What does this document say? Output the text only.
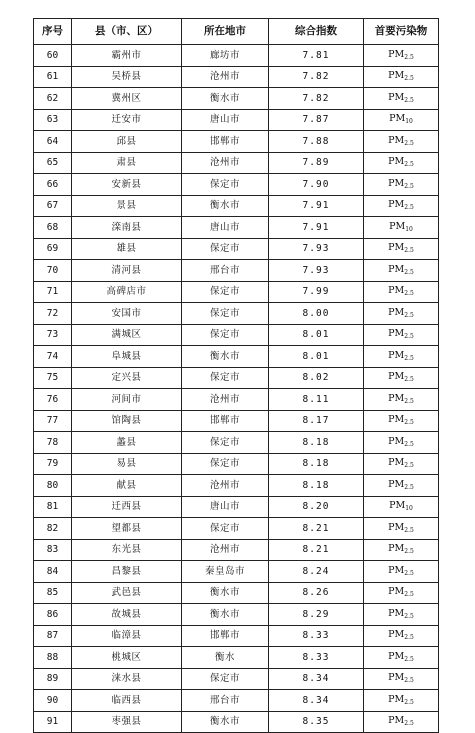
序号	县（市、区）	所在地市	综合指数	首要污染物
60	霸州市	廊坊市	7.81	$PM_{2.5}$
61	吴桥县	沧州市	7.82	$PM_{2.5}$
62	冀州区	衡水市	7.82	$PM_{2.5}$
63	迁安市	唐山市	7.87	$PM_{10}$
64	邱县	邯郸市	7.88	$PM_{2.5}$
65	肃县	沧州市	7.89	$PM_{2.5}$
66	安新县	保定市	7.90	$PM_{2.5}$
67	景县	衡水市	7.91	$PM_{2.5}$
68	滦南县	唐山市	7.91	$PM_{10}$
69	雄县	保定市	7.93	$PM_{2.5}$
70	清河县	邢台市	7.93	$PM_{2.5}$
71	高碑店市	保定市	7.99	$PM_{2.5}$
72	安国市	保定市	8.00	$PM_{2.5}$
73	满城区	保定市	8.01	$PM_{2.5}$
74	阜城县	衡水市	8.01	$PM_{2.5}$
75	定兴县	保定市	8.02	$PM_{2.5}$
76	河间市	沧州市	8.11	$PM_{2.5}$
77	馆陶县	邯郸市	8.17	$PM_{2.5}$
78	蠡县	保定市	8.18	$PM_{2.5}$
79	易县	保定市	8.18	$PM_{2.5}$
80	献县	沧州市	8.18	$PM_{2.5}$
81	迁西县	唐山市	8.20	$PM_{10}$
82	望都县	保定市	8.21	$PM_{2.5}$
83	东光县	沧州市	8.21	$PM_{2.5}$
84	昌黎县	秦皇岛市	8.24	$PM_{2.5}$
85	武邑县	衡水市	8.26	$PM_{2.5}$
86	故城县	衡水市	8.29	$PM_{2.5}$
87	临漳县	邯郸市	8.33	$PM_{2.5}$
88	桃城区	衡水	8.33	$PM_{2.5}$
89	涞水县	保定市	8.34	$PM_{2.5}$
90	临西县	邢台市	8.34	$PM_{2.5}$
91	枣强县	衡水市	8.35	$PM_{2.5}$
